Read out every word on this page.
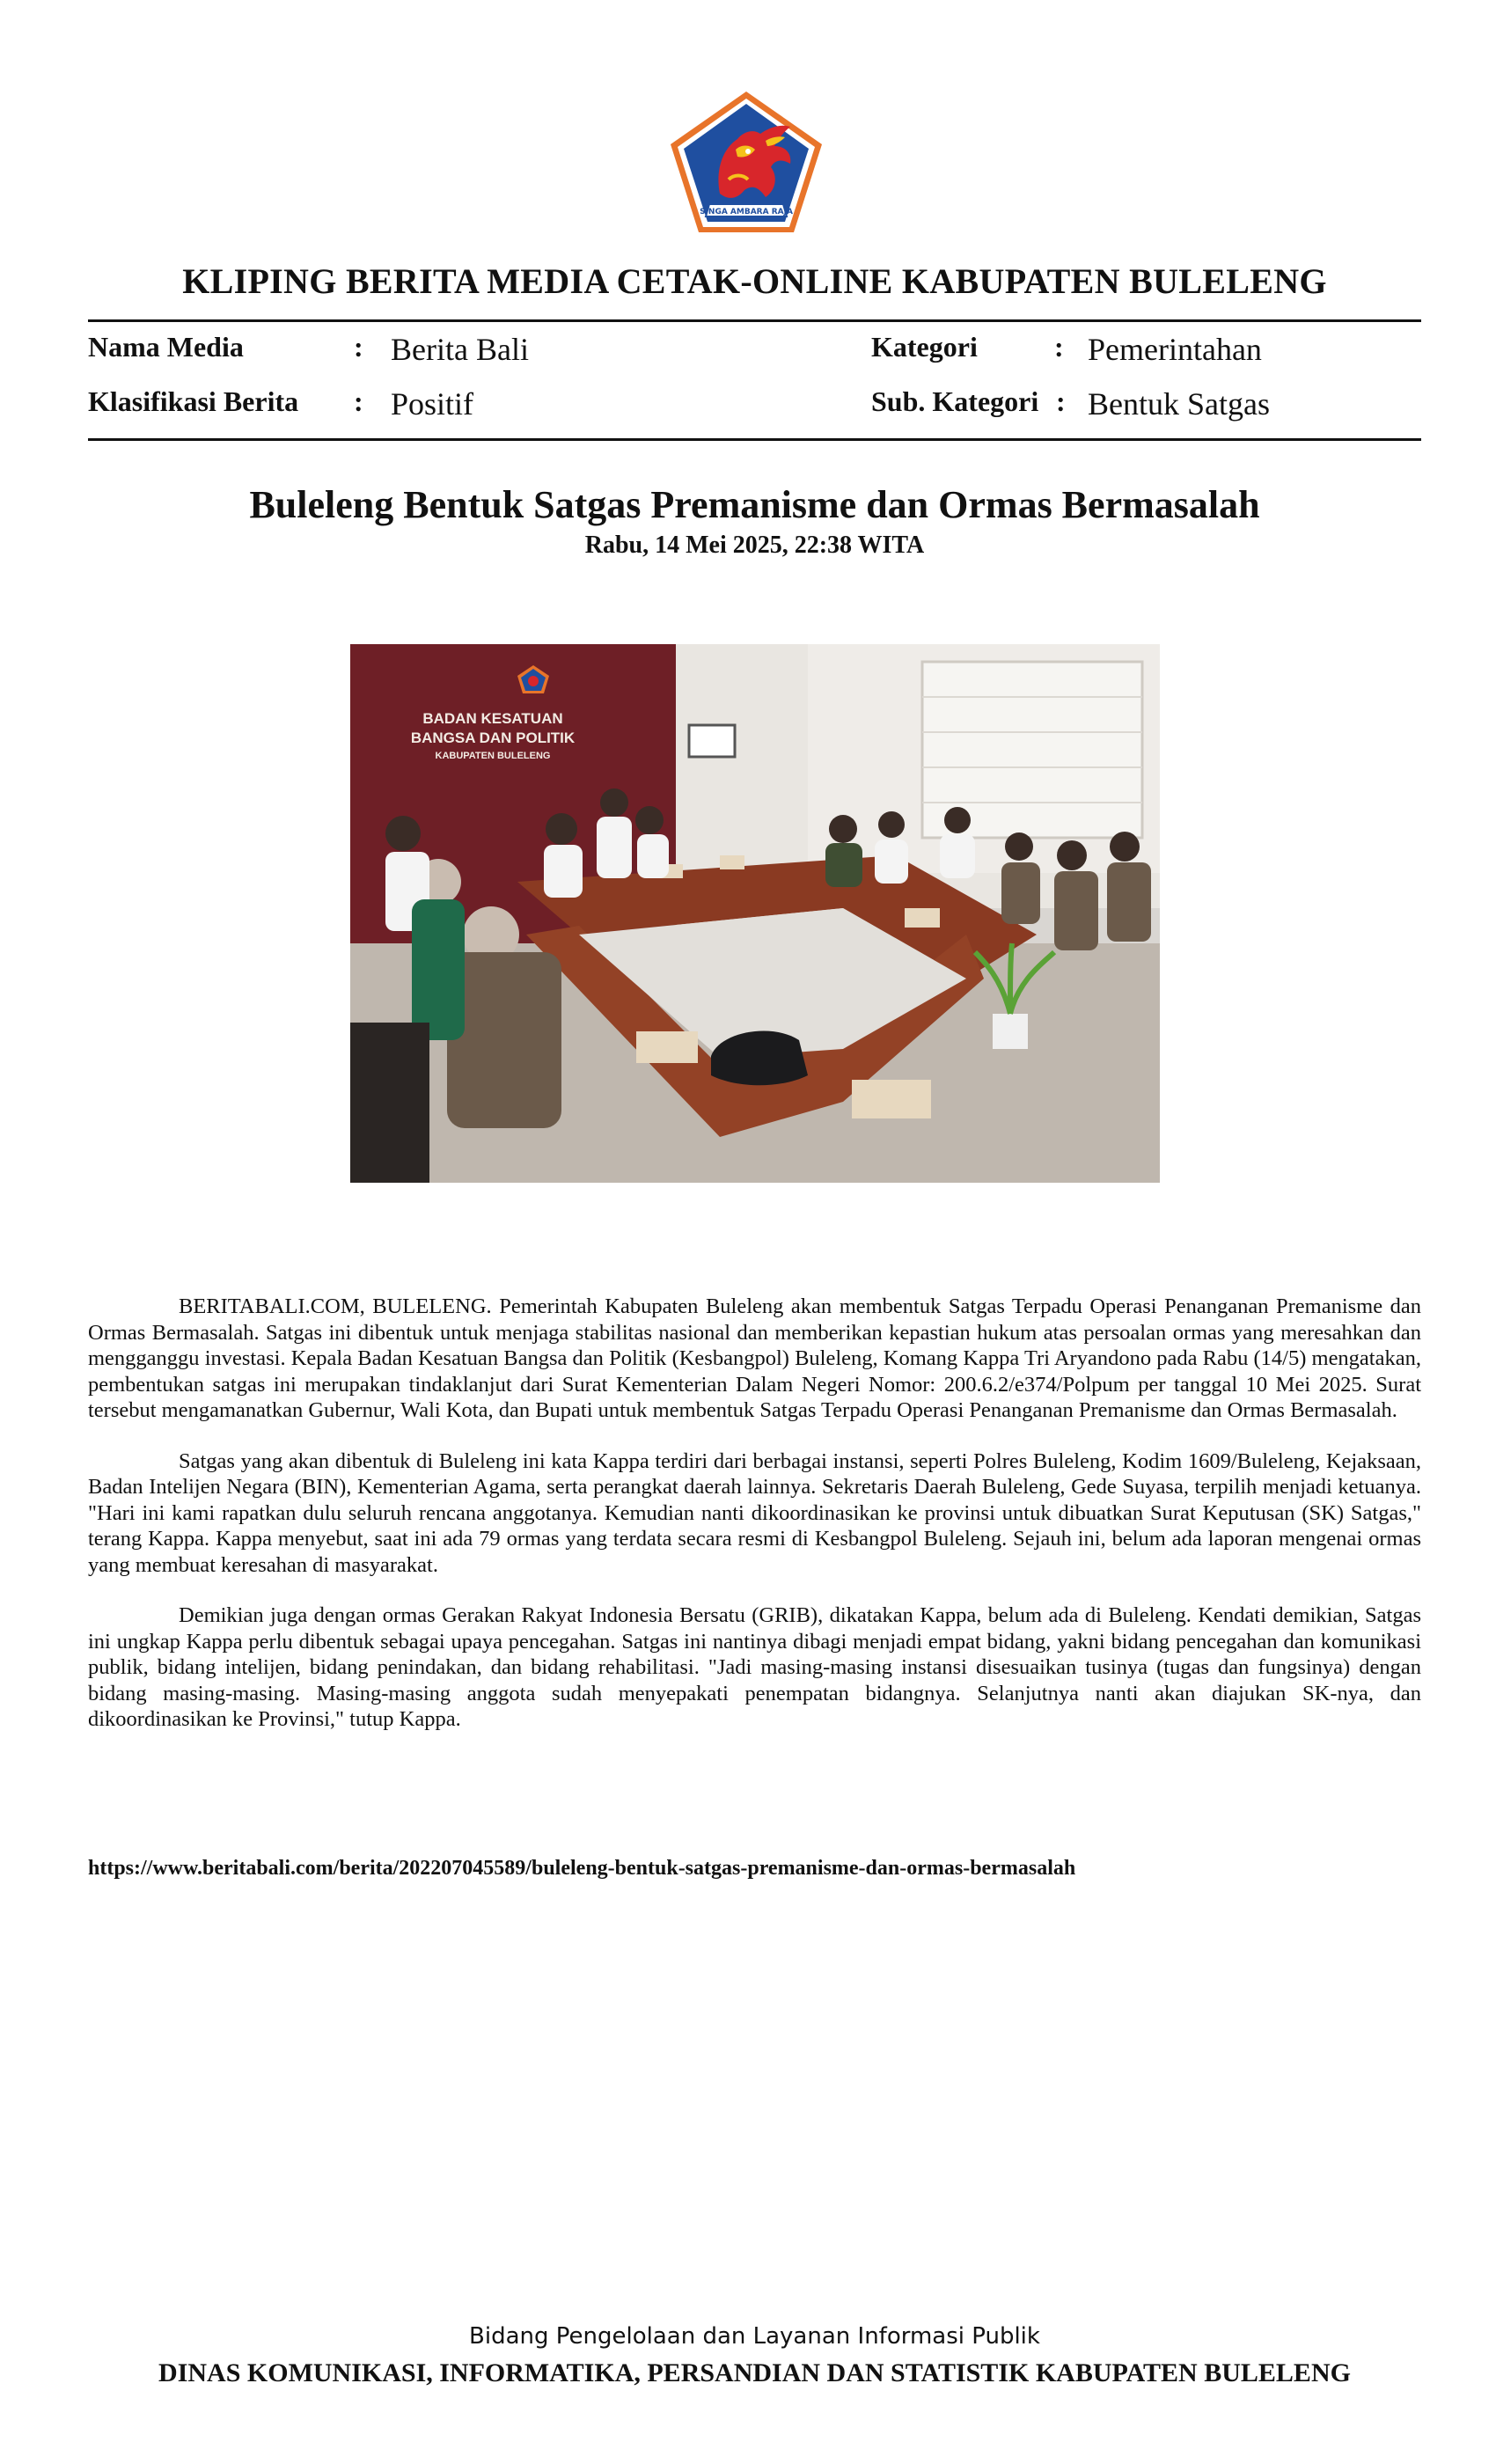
SINGA AMBARA RAJA
KLIPING BERITA MEDIA CETAK-ONLINE KABUPATEN BULELENG
Nama Media	: Berita Bali	Kategori	: Pemerintahan
Klasifikasi Berita : Positif	Sub. Kategori : Bentuk Satgas
Buleleng Bentuk Satgas Premanisme dan Ormas Bermasalah
Rabu, 14 Mei 2025, 22:38 WITA
BADAN KESATUAN
BANGSA DAN POLITIK
KABUPATEN BULELENG

BERITABALI.COM, BULELENG. Pemerintah Kabupaten Buleleng akan membentuk Satgas Terpadu Operasi Penanganan Premanisme dan Ormas Bermasalah. Satgas ini dibentuk untuk menjaga stabilitas nasional dan memberikan kepastian hukum atas persoalan ormas yang meresahkan dan mengganggu investasi. Kepala Badan Kesatuan Bangsa dan Politik (Kesbangpol) Buleleng, Komang Kappa Tri Aryandono pada Rabu (14/5) mengatakan, pembentukan satgas ini merupakan tindaklanjut dari Surat Kementerian Dalam Negeri Nomor: 200.6.2/e374/Polpum per tanggal 10 Mei 2025. Surat tersebut mengamanatkan Gubernur, Wali Kota, dan Bupati untuk membentuk Satgas Terpadu Operasi Penanganan Premanisme dan Ormas Bermasalah.

Satgas yang akan dibentuk di Buleleng ini kata Kappa terdiri dari berbagai instansi, seperti Polres Buleleng, Kodim 1609/Buleleng, Kejaksaan, Badan Intelijen Negara (BIN), Kementerian Agama, serta perangkat daerah lainnya. Sekretaris Daerah Buleleng, Gede Suyasa, terpilih menjadi ketuanya. "Hari ini kami rapatkan dulu seluruh rencana anggotanya. Kemudian nanti dikoordinasikan ke provinsi untuk dibuatkan Surat Keputusan (SK) Satgas," terang Kappa. Kappa menyebut, saat ini ada 79 ormas yang terdata secara resmi di Kesbangpol Buleleng. Sejauh ini, belum ada laporan mengenai ormas yang membuat keresahan di masyarakat.

Demikian juga dengan ormas Gerakan Rakyat Indonesia Bersatu (GRIB), dikatakan Kappa, belum ada di Buleleng. Kendati demikian, Satgas ini ungkap Kappa perlu dibentuk sebagai upaya pencegahan. Satgas ini nantinya dibagi menjadi empat bidang, yakni bidang pencegahan dan komunikasi publik, bidang intelijen, bidang penindakan, dan bidang rehabilitasi. "Jadi masing-masing instansi disesuaikan tusinya (tugas dan fungsinya) dengan bidang masing-masing. Masing-masing anggota sudah menyepakati penempatan bidangnya. Selanjutnya nanti akan diajukan SK-nya, dan dikoordinasikan ke Provinsi," tutup Kappa.

https://www.beritabali.com/berita/202207045589/buleleng-bentuk-satgas-premanisme-dan-ormas-bermasalah
Bidang Pengelolaan dan Layanan Informasi Publik
DINAS KOMUNIKASI, INFORMATIKA, PERSANDIAN DAN STATISTIK KABUPATEN BULELENG
